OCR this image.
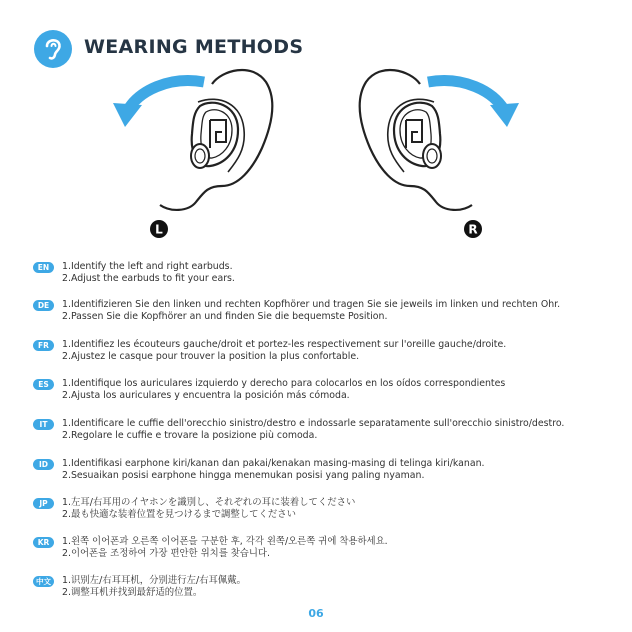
WEARING METHODS
L	R
EN	1.Identify the left and right earbuds.
2.Adjust the earbuds to fit your ears.
DE	1.Identifizieren Sie den linken und rechten Kopfhörer und tragen Sie sie jeweils im linken und rechten Ohr.
2.Passen Sie die Kopfhörer an und finden Sie die bequemste Position.
FR	1.Identifiez les écouteurs gauche/droit et portez-les respectivement sur l'oreille gauche/droite.
2.Ajustez le casque pour trouver la position la plus confortable.
ES	1.Identifique los auriculares izquierdo y derecho para colocarlos en los oídos correspondientes
2.Ajusta los auriculares y encuentra la posición más cómoda.
IT	1.Identificare le cuffie dell'orecchio sinistro/destro e indossarle separatamente sull'orecchio sinistro/destro.
2.Regolare le cuffie e trovare la posizione più comoda.
ID	1.Identifikasi earphone kiri/kanan dan pakai/kenakan masing-masing di telinga kiri/kanan.
2.Sesuaikan posisi earphone hingga menemukan posisi yang paling nyaman.
JP	1.左耳/右耳用のイヤホンを識別し、それぞれの耳に装着してください
2.最も快適な装着位置を見つけるまで調整してください
KR	1.왼쪽 이어폰과 오른쪽 이어폰을 구분한 후, 각각 왼쪽/오른쪽 귀에 착용하세요.
2.이어폰을 조정하여 가장 편안한 위치를 찾습니다.
中文	1.识别左/右耳耳机，分别进行左/右耳佩戴。
2.调整耳机并找到最舒适的位置。
06
